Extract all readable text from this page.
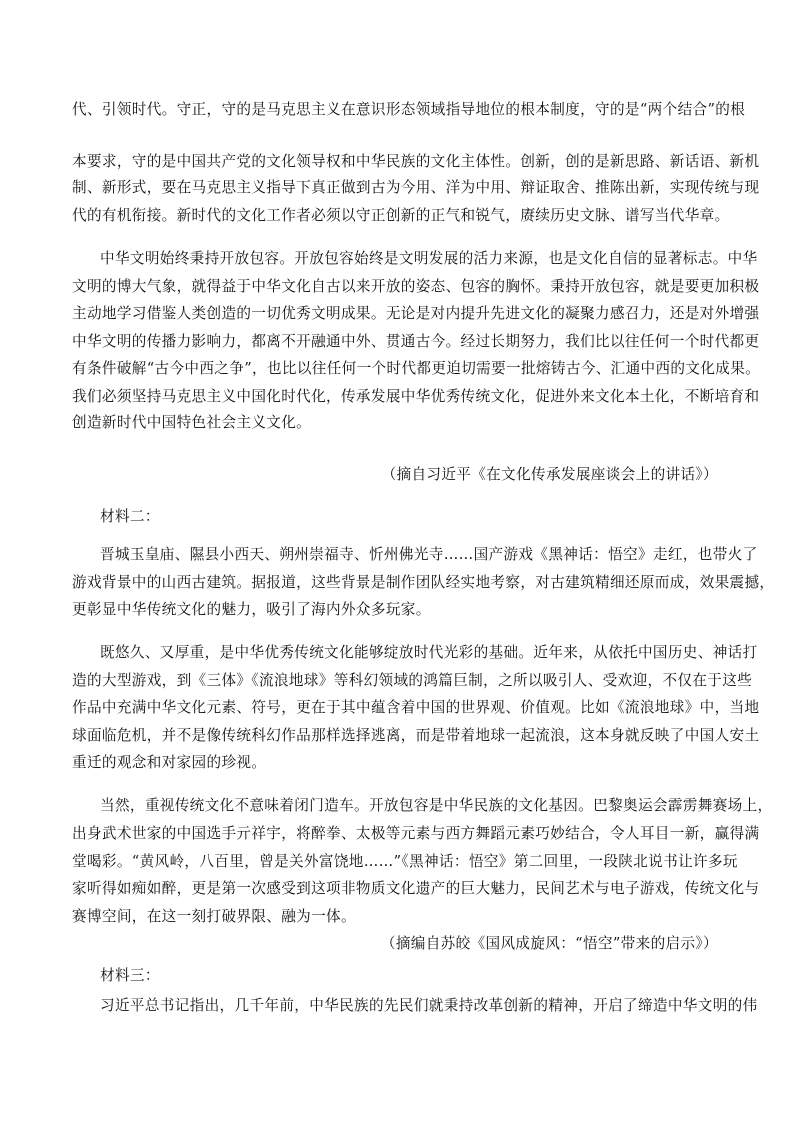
代、引领时代。守正，守的是马克思主义在意识形态领域指导地位的根本制度，守的是“两个结合”的根
本要求，守的是中国共产党的文化领导权和中华民族的文化主体性。创新，创的是新思路、新话语、新机
制、新形式，要在马克思主义指导下真正做到古为今用、洋为中用、辩证取舍、推陈出新，实现传统与现
代的有机衔接。新时代的文化工作者必须以守正创新的正气和锐气，赓续历史文脉、谱写当代华章。
中华文明始终秉持开放包容。开放包容始终是文明发展的活力来源，也是文化自信的显著标志。中华
文明的博大气象，就得益于中华文化自古以来开放的姿态、包容的胸怀。秉持开放包容，就是要更加积极
主动地学习借鉴人类创造的一切优秀文明成果。无论是对内提升先进文化的凝聚力感召力，还是对外增强
中华文明的传播力影响力，都离不开融通中外、贯通古今。经过长期努力，我们比以往任何一个时代都更
有条件破解“古今中西之争”，也比以往任何一个时代都更迫切需要一批熔铸古今、汇通中西的文化成果。
我们必须坚持马克思主义中国化时代化，传承发展中华优秀传统文化，促进外来文化本土化，不断培育和
创造新时代中国特色社会主义文化。
（摘自习近平《在文化传承发展座谈会上的讲话》）
材料二：
晋城玉皇庙、隰县小西天、朔州崇福寺、忻州佛光寺……国产游戏《黑神话：悟空》走红，也带火了
游戏背景中的山西古建筑。据报道，这些背景是制作团队经实地考察，对古建筑精细还原而成，效果震撼，
更彰显中华传统文化的魅力，吸引了海内外众多玩家。
既悠久、又厚重，是中华优秀传统文化能够绽放时代光彩的基础。近年来，从依托中国历史、神话打
造的大型游戏，到《三体》《流浪地球》等科幻领域的鸿篇巨制，之所以吸引人、受欢迎，不仅在于这些
作品中充满中华文化元素、符号，更在于其中蕴含着中国的世界观、价值观。比如《流浪地球》中，当地
球面临危机，并不是像传统科幻作品那样选择逃离，而是带着地球一起流浪，这本身就反映了中国人安土
重迁的观念和对家园的珍视。
当然，重视传统文化不意味着闭门造车。开放包容是中华民族的文化基因。巴黎奥运会霹雳舞赛场上，
出身武术世家的中国选手亓祥宇，将醉拳、太极等元素与西方舞蹈元素巧妙结合，令人耳目一新，赢得满
堂喝彩。“黄风岭，八百里，曾是关外富饶地……”《黑神话：悟空》第二回里，一段陕北说书让许多玩
家听得如痴如醉，更是第一次感受到这项非物质文化遗产的巨大魅力，民间艺术与电子游戏，传统文化与
赛博空间，在这一刻打破界限、融为一体。
（摘编自苏皎《国风成旋风：“悟空”带来的启示》）
材料三：
习近平总书记指出，几千年前，中华民族的先民们就秉持改革创新的精神，开启了缔造中华文明的伟
